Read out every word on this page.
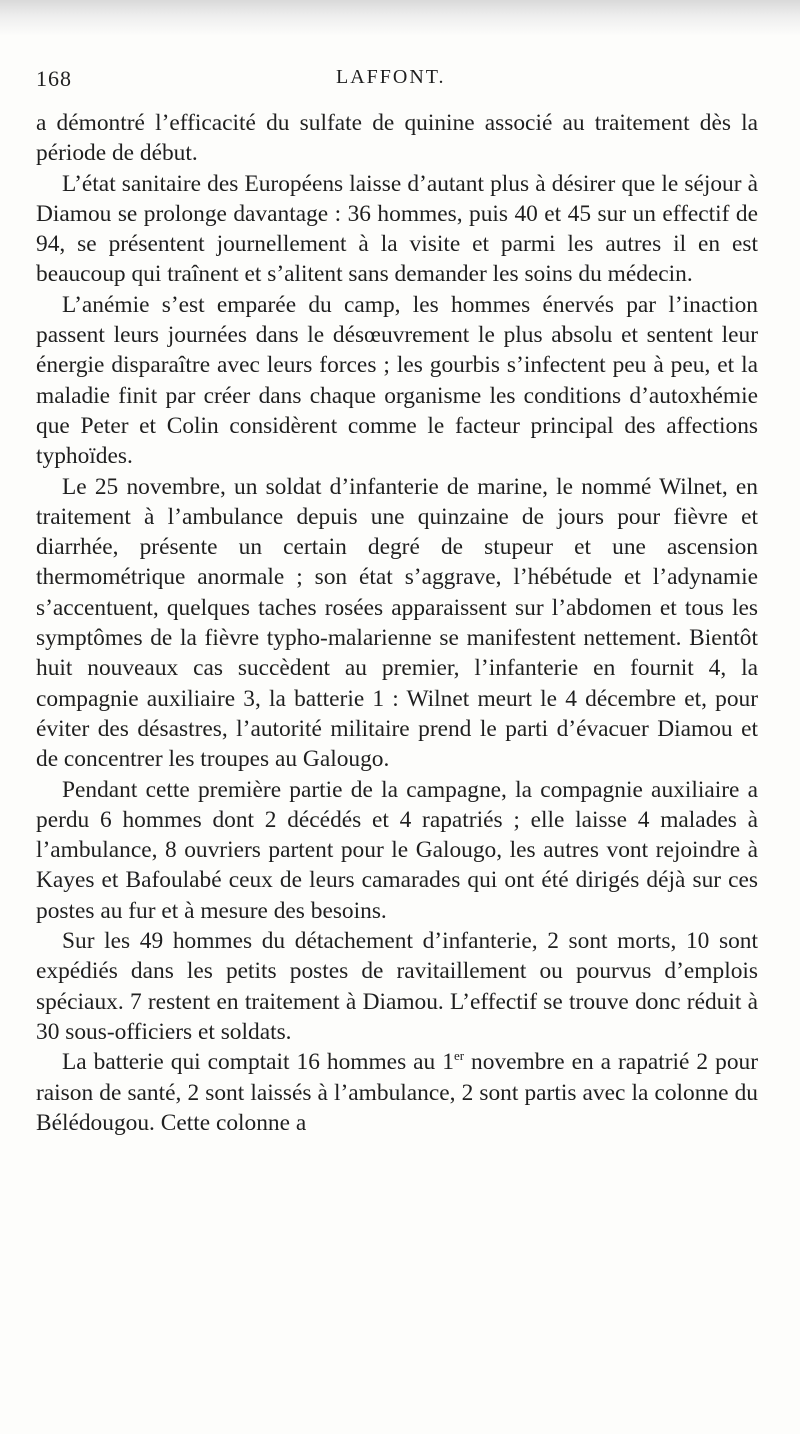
168	LAFFONT.

a démontré l’efficacité du sulfate de quinine associé au traitement dès la période de début.

L’état sanitaire des Européens laisse d’autant plus à désirer que le séjour à Diamou se prolonge davantage : 36 hommes, puis 40 et 45 sur un effectif de 94, se présentent journellement à la visite et parmi les autres il en est beaucoup qui traînent et s’alitent sans demander les soins du médecin.

L’anémie s’est emparée du camp, les hommes énervés par l’inaction passent leurs journées dans le désœuvrement le plus absolu et sentent leur énergie disparaître avec leurs forces ; les gourbis s’infectent peu à peu, et la maladie finit par créer dans chaque organisme les conditions d’autoxhémie que Peter et Colin considèrent comme le facteur principal des affections typhoïdes.

Le 25 novembre, un soldat d’infanterie de marine, le nommé Wilnet, en traitement à l’ambulance depuis une quinzaine de jours pour fièvre et diarrhée, présente un certain degré de stupeur et une ascension thermométrique anormale ; son état s’aggrave, l’hébétude et l’adynamie s’accentuent, quelques taches rosées apparaissent sur l’abdomen et tous les symptômes de la fièvre typho-malarienne se manifestent nettement. Bientôt huit nouveaux cas succèdent au premier, l’infanterie en fournit 4, la compagnie auxiliaire 3, la batterie 1 : Wilnet meurt le 4 décembre et, pour éviter des désastres, l’autorité militaire prend le parti d’évacuer Diamou et de concentrer les troupes au Galougo.

Pendant cette première partie de la campagne, la compagnie auxiliaire a perdu 6 hommes dont 2 décédés et 4 rapatriés ; elle laisse 4 malades à l’ambulance, 8 ouvriers partent pour le Galougo, les autres vont rejoindre à Kayes et Bafoulabé ceux de leurs camarades qui ont été dirigés déjà sur ces postes au fur et à mesure des besoins.

Sur les 49 hommes du détachement d’infanterie, 2 sont morts, 10 sont expédiés dans les petits postes de ravitaillement ou pourvus d’emplois spéciaux. 7 restent en traitement à Diamou. L’effectif se trouve donc réduit à 30 sous-officiers et soldats.

La batterie qui comptait 16 hommes au 1er novembre en a rapatrié 2 pour raison de santé, 2 sont laissés à l’ambulance, 2 sont partis avec la colonne du Bélédougou. Cette colonne a
